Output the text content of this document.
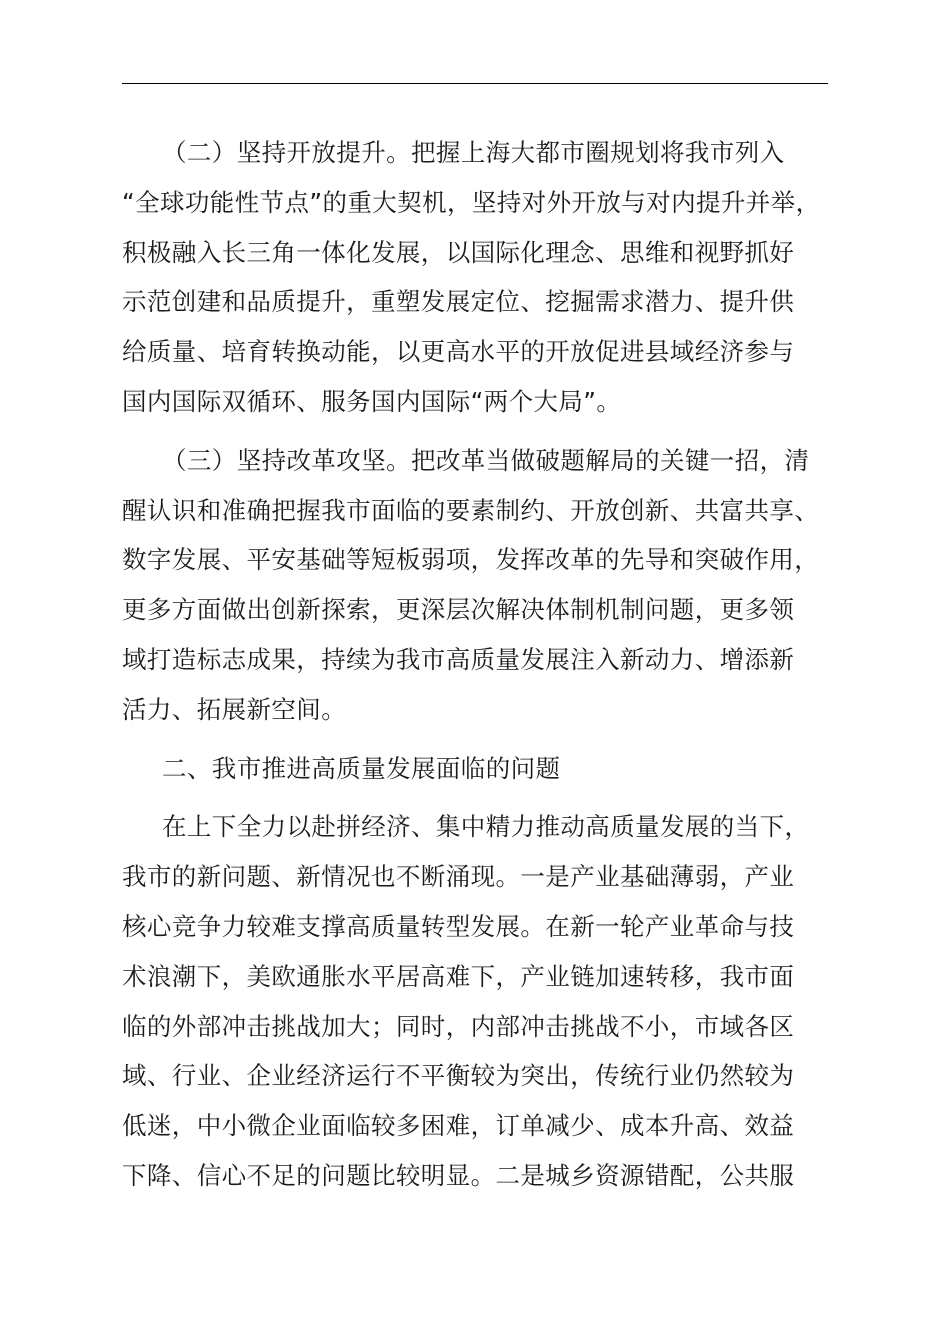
（二）坚持开放提升。把握上海大都市圈规划将我市列入
“全球功能性节点”的重大契机，坚持对外开放与对内提升并举，
积极融入长三角一体化发展，以国际化理念、思维和视野抓好
示范创建和品质提升，重塑发展定位、挖掘需求潜力、提升供
给质量、培育转换动能，以更高水平的开放促进县域经济参与
国内国际双循环、服务国内国际“两个大局”。

（三）坚持改革攻坚。把改革当做破题解局的关键一招，清
醒认识和准确把握我市面临的要素制约、开放创新、共富共享、
数字发展、平安基础等短板弱项，发挥改革的先导和突破作用，
更多方面做出创新探索，更深层次解决体制机制问题，更多领
域打造标志成果，持续为我市高质量发展注入新动力、增添新
活力、拓展新空间。

二、我市推进高质量发展面临的问题

在上下全力以赴拼经济、集中精力推动高质量发展的当下，
我市的新问题、新情况也不断涌现。一是产业基础薄弱，产业
核心竞争力较难支撑高质量转型发展。在新一轮产业革命与技
术浪潮下，美欧通胀水平居高难下，产业链加速转移，我市面
临的外部冲击挑战加大；同时，内部冲击挑战不小，市域各区
域、行业、企业经济运行不平衡较为突出，传统行业仍然较为
低迷，中小微企业面临较多困难，订单减少、成本升高、效益
下降、信心不足的问题比较明显。二是城乡资源错配，公共服
